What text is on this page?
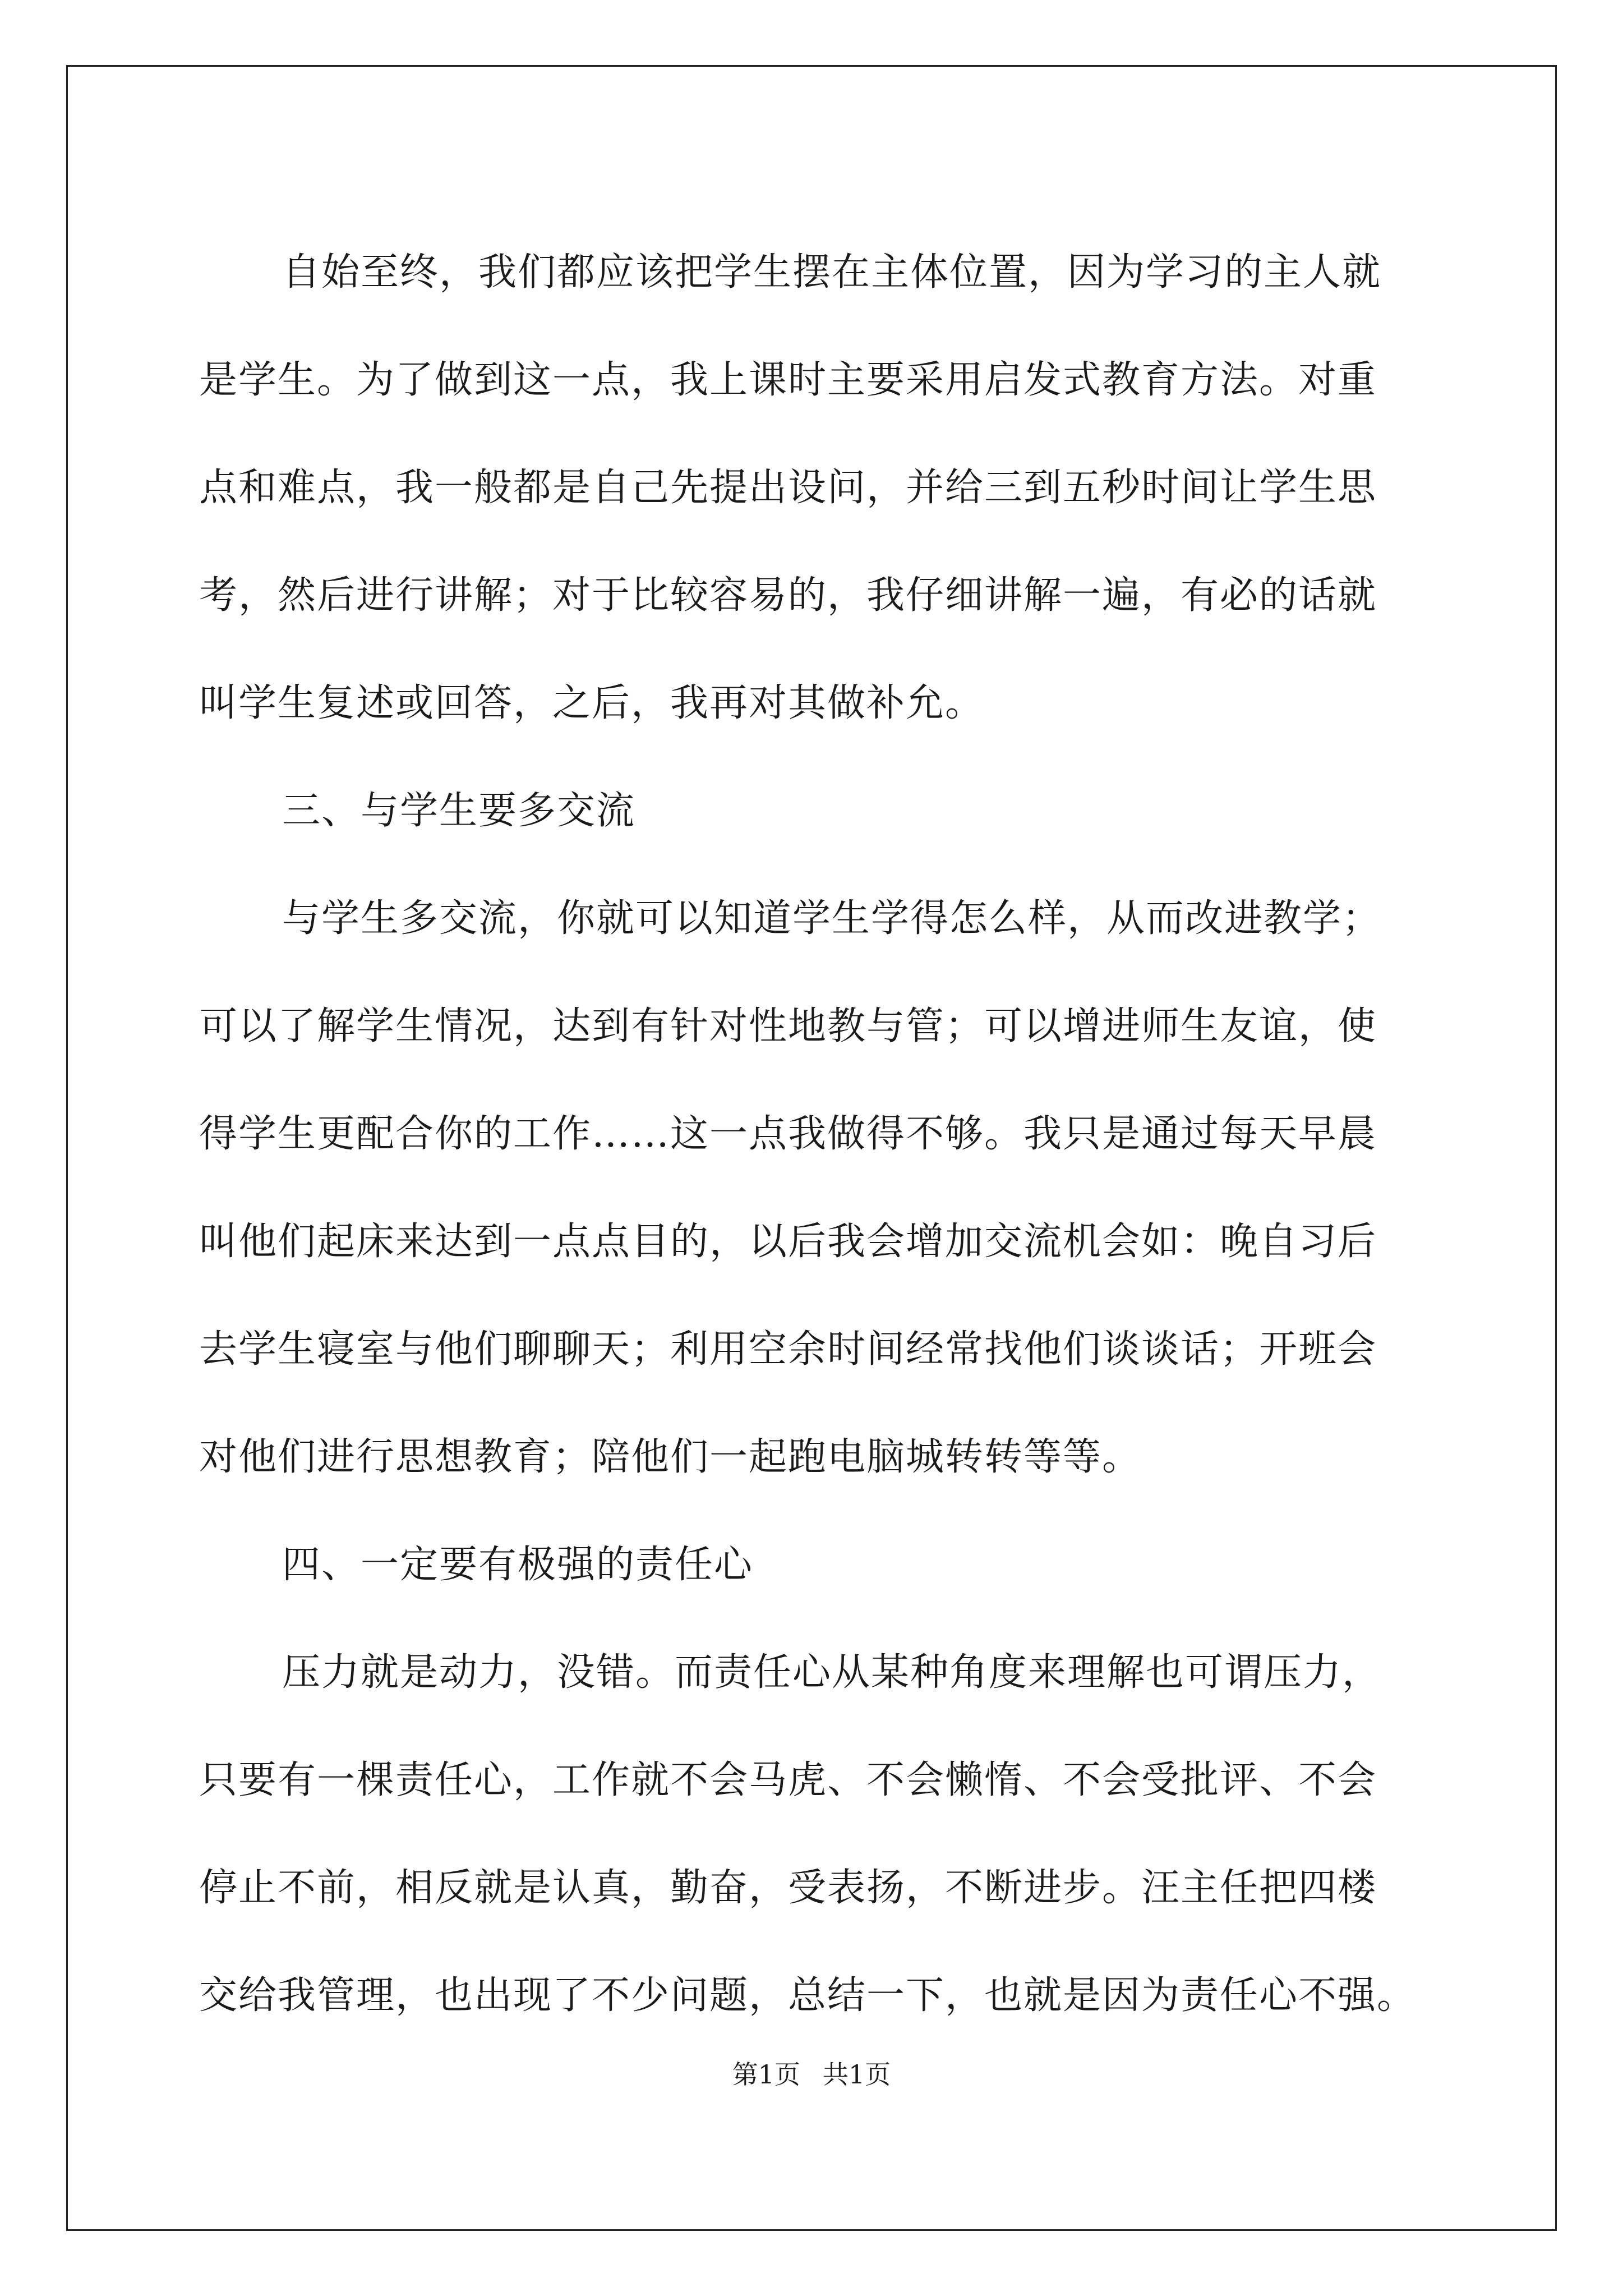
自始至终，我们都应该把学生摆在主体位置，因为学习的主人就
是学生。为了做到这一点，我上课时主要采用启发式教育方法。对重
点和难点，我一般都是自己先提出设问，并给三到五秒时间让学生思
考，然后进行讲解；对于比较容易的，我仔细讲解一遍，有必的话就
叫学生复述或回答，之后，我再对其做补允。
三、与学生要多交流
与学生多交流，你就可以知道学生学得怎么样，从而改进教学；
可以了解学生情况，达到有针对性地教与管；可以增进师生友谊，使
得学生更配合你的工作……这一点我做得不够。我只是通过每天早晨
叫他们起床来达到一点点目的，以后我会增加交流机会如：晚自习后
去学生寝室与他们聊聊天；利用空余时间经常找他们谈谈话；开班会
对他们进行思想教育；陪他们一起跑电脑城转转等等。
四、一定要有极强的责任心
压力就是动力，没错。而责任心从某种角度来理解也可谓压力，
只要有一棵责任心，工作就不会马虎、不会懒惰、不会受批评、不会
停止不前，相反就是认真，勤奋，受表扬，不断进步。汪主任把四楼
交给我管理，也出现了不少问题，总结一下，也就是因为责任心不强。
第1页 共1页
